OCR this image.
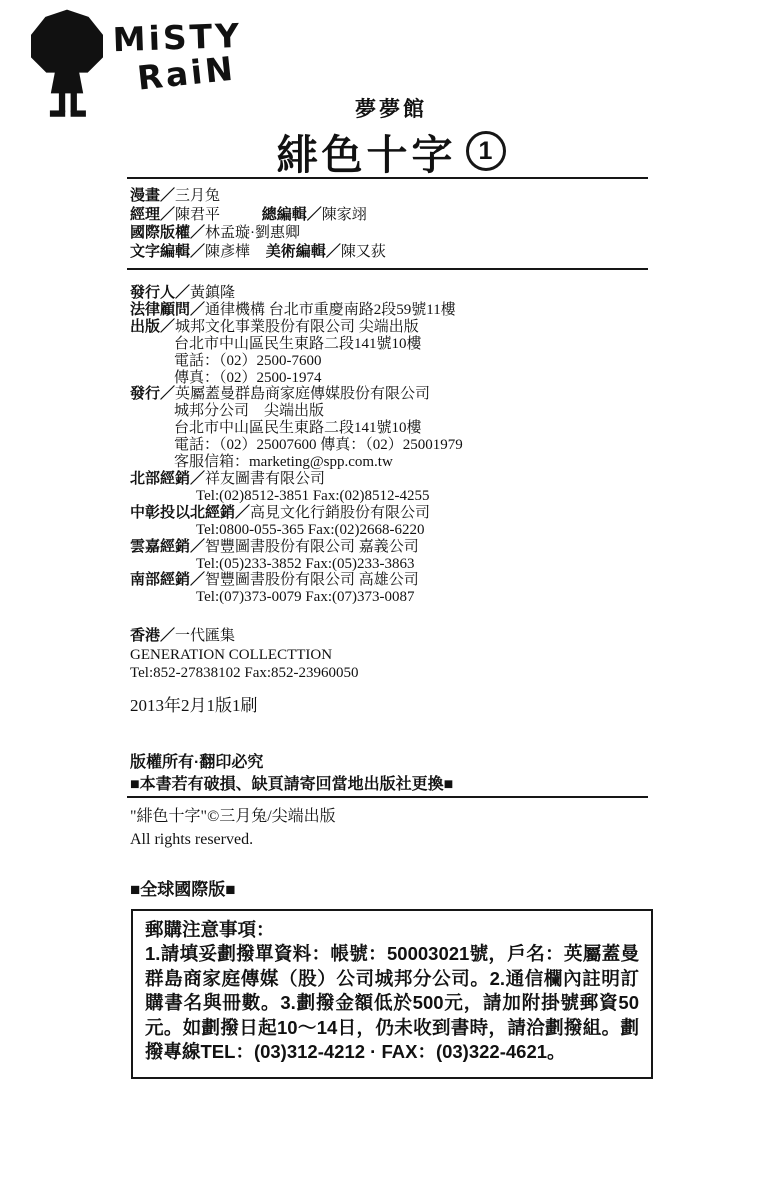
MiSTY
RaiN
夢夢館
緋色十字 1
漫畫／三月兔
經理／陳君平	總編輯／陳家翊
國際版權／林孟璇·劉惠卿
文字編輯／陳彥樺 美術編輯／陳又荻
發行人／黃鎮隆
法律顧問／通律機構 台北市重慶南路2段59號11樓
出版／城邦文化事業股份有限公司 尖端出版
台北市中山區民生東路二段141號10樓
電話：（02）2500-7600
傳真：（02）2500-1974
發行／英屬蓋曼群島商家庭傳媒股份有限公司
城邦分公司　尖端出版
台北市中山區民生東路二段141號10樓
電話：（02）25007600 傳真：（02）25001979
客服信箱：marketing@spp.com.tw
北部經銷／祥友圖書有限公司
Tel:(02)8512-3851 Fax:(02)8512-4255
中彰投以北經銷／高見文化行銷股份有限公司
Tel:0800-055-365 Fax:(02)2668-6220
雲嘉經銷／智豐圖書股份有限公司 嘉義公司
Tel:(05)233-3852 Fax:(05)233-3863
南部經銷／智豐圖書股份有限公司 高雄公司
Tel:(07)373-0079 Fax:(07)373-0087
香港／一代匯集
GENERATION COLLECTTION
Tel:852-27838102 Fax:852-23960050
2013年2月1版1刷
版權所有·翻印必究
■本書若有破損、缺頁請寄回當地出版社更換■
"緋色十字"©三月兔/尖端出版
All rights reserved.
■全球國際版■
郵購注意事項：
1.請填妥劃撥單資料：帳號：50003021號，戶名：英屬蓋曼群島商家庭傳媒（股）公司城邦分公司。2.通信欄內註明訂購書名與冊數。3.劃撥金額低於500元，請加附掛號郵資50元。如劃撥日起10～14日，仍未收到書時，請洽劃撥組。劃撥專線TEL：(03)312-4212 · FAX：(03)322-4621。
